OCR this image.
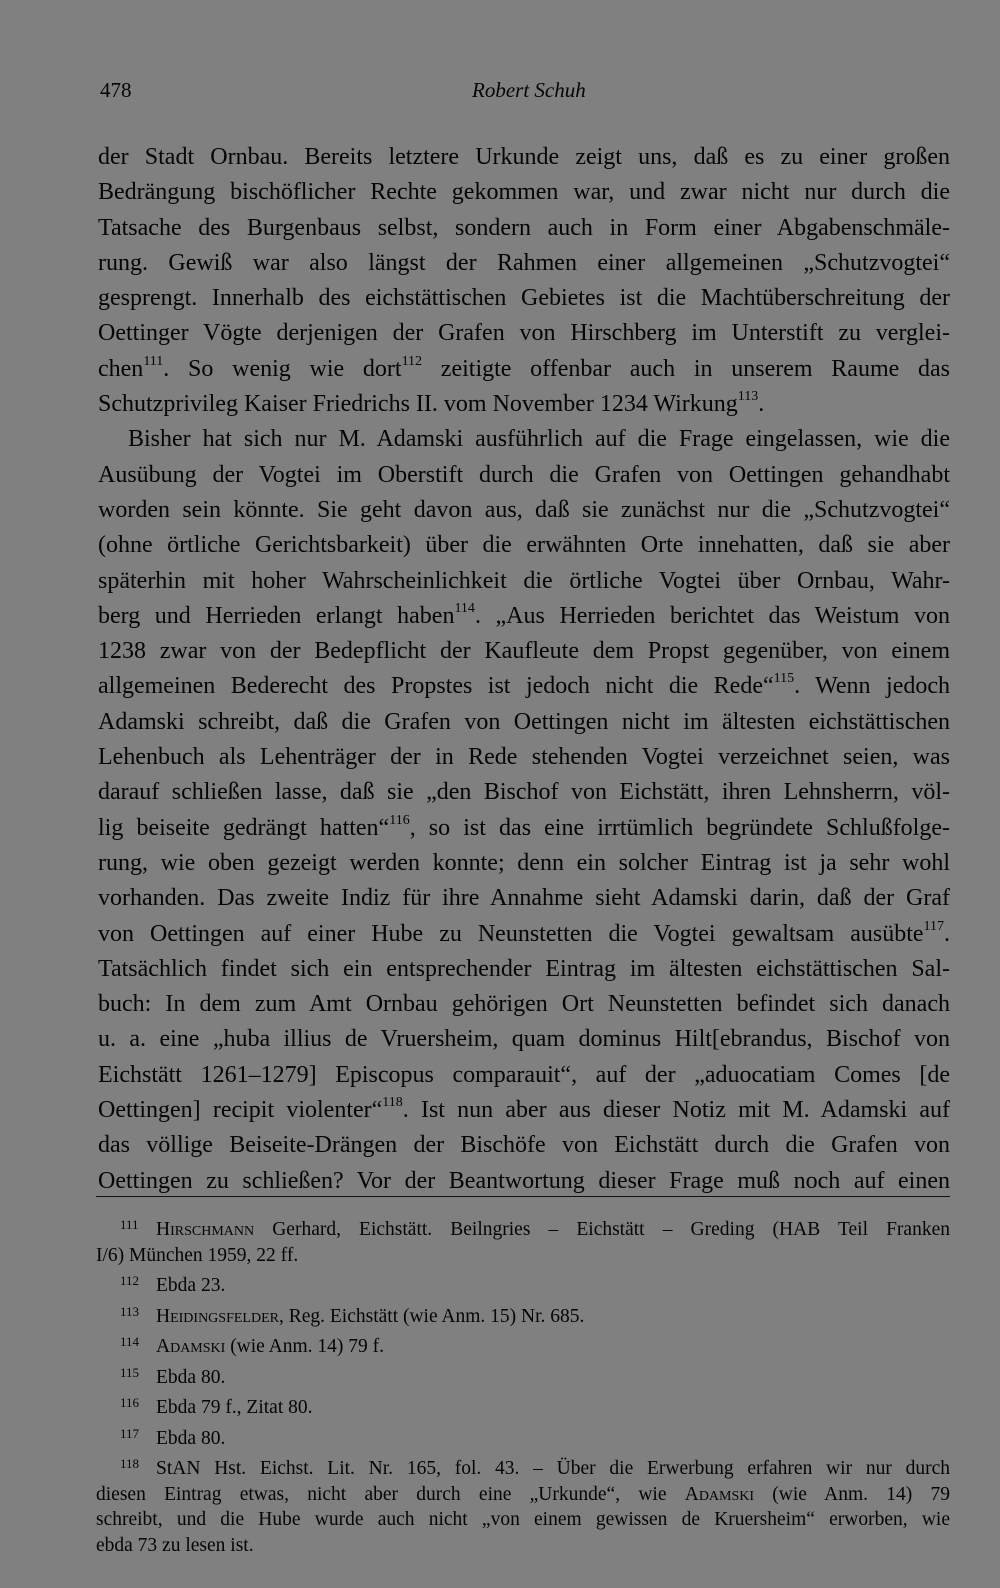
478	Robert Schuh
der Stadt Ornbau. Bereits letztere Urkunde zeigt uns, daß es zu einer großen
Bedrängung bischöflicher Rechte gekommen war, und zwar nicht nur durch die
Tatsache des Burgenbaus selbst, sondern auch in Form einer Abgabenschmäle-
rung. Gewiß war also längst der Rahmen einer allgemeinen „Schutzvogtei“
gesprengt. Innerhalb des eichstättischen Gebietes ist die Machtüberschreitung der
Oettinger Vögte derjenigen der Grafen von Hirschberg im Unterstift zu verglei-
chen$^{111}$. So wenig wie dort$^{112}$ zeitigte offenbar auch in unserem Raume das
Schutzprivileg Kaiser Friedrichs II. vom November 1234 Wirkung$^{113}$.
Bisher hat sich nur M. Adamski ausführlich auf die Frage eingelassen, wie die
Ausübung der Vogtei im Oberstift durch die Grafen von Oettingen gehandhabt
worden sein könnte. Sie geht davon aus, daß sie zunächst nur die „Schutzvogtei“
(ohne örtliche Gerichtsbarkeit) über die erwähnten Orte innehatten, daß sie aber
späterhin mit hoher Wahrscheinlichkeit die örtliche Vogtei über Ornbau, Wahr-
berg und Herrieden erlangt haben$^{114}$. „Aus Herrieden berichtet das Weistum von
1238 zwar von der Bedepflicht der Kaufleute dem Propst gegenüber, von einem
allgemeinen Bederecht des Propstes ist jedoch nicht die Rede“$^{115}$. Wenn jedoch
Adamski schreibt, daß die Grafen von Oettingen nicht im ältesten eichstättischen
Lehenbuch als Lehenträger der in Rede stehenden Vogtei verzeichnet seien, was
darauf schließen lasse, daß sie „den Bischof von Eichstätt, ihren Lehnsherrn, völ-
lig beiseite gedrängt hatten“$^{116}$, so ist das eine irrtümlich begründete Schlußfolge-
rung, wie oben gezeigt werden konnte; denn ein solcher Eintrag ist ja sehr wohl
vorhanden. Das zweite Indiz für ihre Annahme sieht Adamski darin, daß der Graf
von Oettingen auf einer Hube zu Neunstetten die Vogtei gewaltsam ausübte$^{117}$.
Tatsächlich findet sich ein entsprechender Eintrag im ältesten eichstättischen Sal-
buch: In dem zum Amt Ornbau gehörigen Ort Neunstetten befindet sich danach
u. a. eine „huba illius de Vruersheim, quam dominus Hilt[ebrandus, Bischof von
Eichstätt 1261–1279] Episcopus comparauit“, auf der „aduocatiam Comes [de
Oettingen] recipit violenter“$^{118}$. Ist nun aber aus dieser Notiz mit M. Adamski auf
das völlige Beiseite-Drängen der Bischöfe von Eichstätt durch die Grafen von
Oettingen zu schließen? Vor der Beantwortung dieser Frage muß noch auf einen
111 Hirschmann Gerhard, Eichstätt. Beilngries – Eichstätt – Greding (HAB Teil Franken
I/6) München 1959, 22 ff.
112 Ebda 23.
113 Heidingsfelder, Reg. Eichstätt (wie Anm. 15) Nr. 685.
114 Adamski (wie Anm. 14) 79 f.
115 Ebda 80.
116 Ebda 79 f., Zitat 80.
117 Ebda 80.
118 StAN Hst. Eichst. Lit. Nr. 165, fol. 43. – Über die Erwerbung erfahren wir nur durch
diesen Eintrag etwas, nicht aber durch eine „Urkunde“, wie Adamski (wie Anm. 14) 79
schreibt, und die Hube wurde auch nicht „von einem gewissen de Kruersheim“ erworben, wie
ebda 73 zu lesen ist.
